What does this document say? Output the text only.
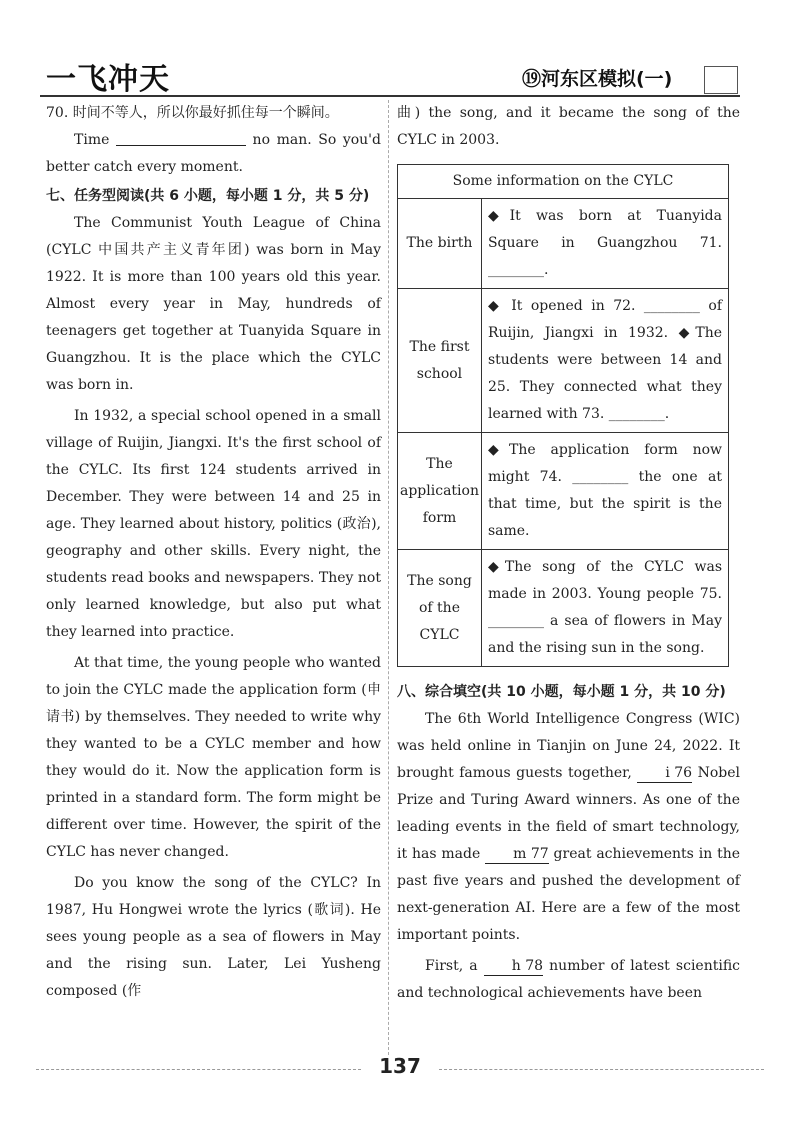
一飞冲天	⑲河东区模拟(一)

70. 时间不等人，所以你最好抓住每一个瞬间。

Time	no man. So you'd better catch every moment.

七、任务型阅读(共 6 小题，每小题 1 分，共 5 分)

The Communist Youth League of China (CYLC 中国共产主义青年团) was born in May 1922. It is more than 100 years old this year. Almost every year in May, hundreds of teenagers get together at Tuanyida Square in Guangzhou. It is the place which the CYLC was born in.

In 1932, a special school opened in a small village of Ruijin, Jiangxi. It's the first school of the CYLC. Its first 124 students arrived in December. They were between 14 and 25 in age. They learned about history, politics (政治), geography and other skills. Every night, the students read books and newspapers. They not only learned knowledge, but also put what they learned into practice.

At that time, the young people who wanted to join the CYLC made the application form (申请书) by themselves. They needed to write why they wanted to be a CYLC member and how they would do it. Now the application form is printed in a standard form. The form might be different over time. However, the spirit of the CYLC has never changed.

Do you know the song of the CYLC? In 1987, Hu Hongwei wrote the lyrics (歌词). He sees young people as a sea of flowers in May and the rising sun. Later, Lei Yusheng composed (作

曲) the song, and it became the song of the CYLC in 2003.

Some information on the CYLC	
The birth	◆It was born at Tuanyida Square in Guangzhou 71. ________.
The first school	◆ It opened in 72. ________ of Ruijin, Jiangxi in 1932. ◆The students were between 14 and 25. They connected what they learned with 73. ________.
The application form	◆The application form now might 74. ________ the one at that time, but the spirit is the same.
The song of the CYLC	◆The song of the CYLC was made in 2003. Young people 75. ________ a sea of flowers in May and the rising sun in the song.

八、综合填空(共 10 小题，每小题 1 分，共 10 分)

The 6th World Intelligence Congress (WIC) was held online in Tianjin on June 24, 2022. It brought famous guests together, i 76 Nobel Prize and Turing Award winners. As one of the leading events in the field of smart technology, it has made m 77 great achievements in the past five years and pushed the development of next-generation AI. Here are a few of the most important points.

First, a h 78 number of latest scientific and technological achievements have been

137
